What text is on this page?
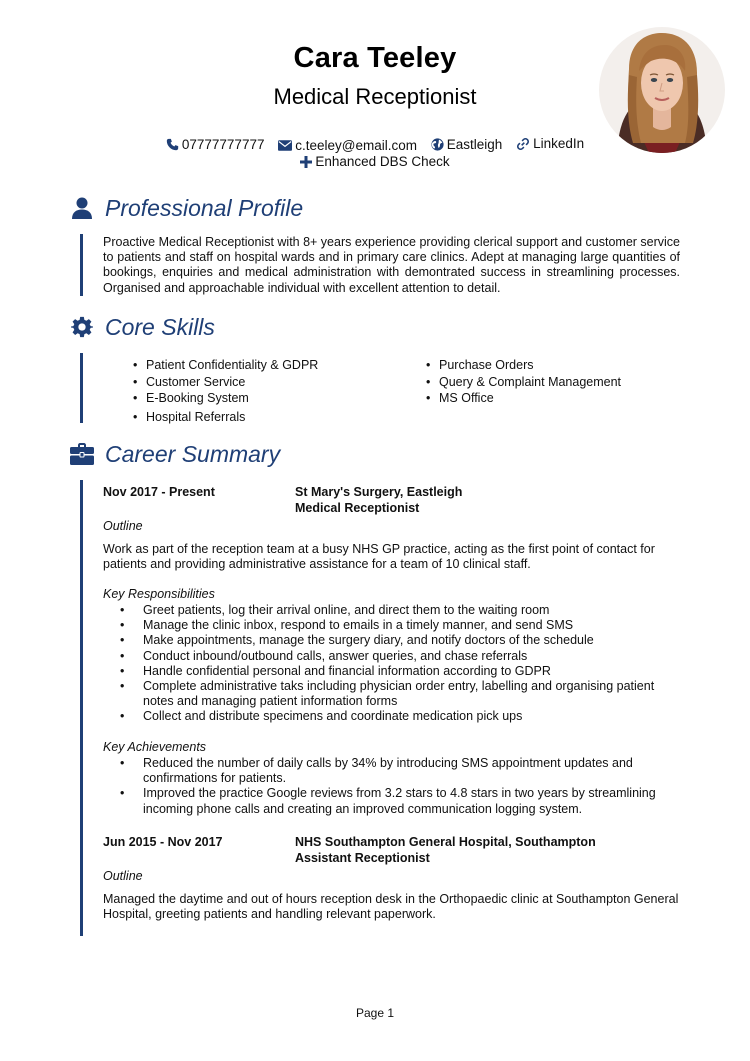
Cara Teeley
Medical Receptionist
07777777777
c.teeley@email.com
Eastleigh
LinkedIn
Enhanced DBS Check
Professional Profile
Proactive Medical Receptionist with 8+ years experience providing clerical support and customer service to patients and staff on hospital wards and in primary care clinics. Adept at managing large quantities of bookings, enquiries and medical administration with demontrated success in streamlining processes. Organised and approachable individual with excellent attention to detail.
Core Skills
• Patient Confidentiality & GDPR
• Customer Service
• E-Booking System
• Hospital Referrals
• Purchase Orders
• Query & Complaint Management
• MS Office
Career Summary
Nov 2017 - Present	St Mary's Surgery, Eastleigh
Medical Receptionist
Outline
Work as part of the reception team at a busy NHS GP practice, acting as the first point of contact for patients and providing administrative assistance for a team of 10 clinical staff.
Key Responsibilities
• Greet patients, log their arrival online, and direct them to the waiting room
• Manage the clinic inbox, respond to emails in a timely manner, and send SMS
• Make appointments, manage the surgery diary, and notify doctors of the schedule
• Conduct inbound/outbound calls, answer queries, and chase referrals
• Handle confidential personal and financial information according to GDPR
• Complete administrative taks including physician order entry, labelling and organising patient notes and managing patient information forms
• Collect and distribute specimens and coordinate medication pick ups
Key Achievements
• Reduced the number of daily calls by 34% by introducing SMS appointment updates and confirmations for patients.
• Improved the practice Google reviews from 3.2 stars to 4.8 stars in two years by streamlining incoming phone calls and creating an improved communication logging system.
Jun 2015 - Nov 2017	NHS Southampton General Hospital, Southampton
Assistant Receptionist
Outline
Managed the daytime and out of hours reception desk in the Orthopaedic clinic at Southampton General Hospital, greeting patients and handling relevant paperwork.
Page 1
